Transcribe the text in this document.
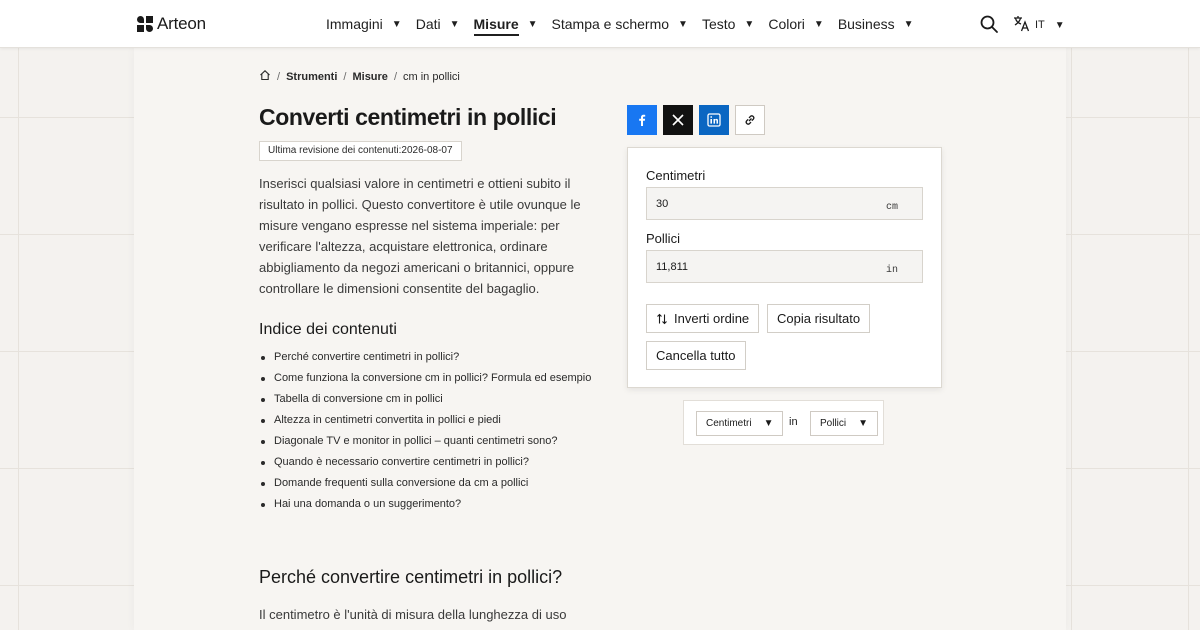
Arteon	Immagini ▼ Dati ▼ Misure ▼ Stampa e schermo ▼ Testo ▼ Colori ▼ Business ▼	IT ▼
/ Strumenti / Misure / cm in pollici
Converti centimetri in pollici
Ultima revisione dei contenuti:2026-08-07

Inserisci qualsiasi valore in centimetri e ottieni subito il risultato in pollici. Questo convertitore è utile ovunque le misure vengano espresse nel sistema imperiale: per verificare l'altezza, acquistare elettronica, ordinare abbigliamento da negozi americani o britannici, oppure controllare le dimensioni consentite del bagaglio.

Indice dei contenuti
Perché convertire centimetri in pollici?
Come funziona la conversione cm in pollici? Formula ed esempio
Tabella di conversione cm in pollici
Altezza in centimetri convertita in pollici e piedi
Diagonale TV e monitor in pollici – quanti centimetri sono?
Quando è necessario convertire centimetri in pollici?
Domande frequenti sulla conversione da cm a pollici
Hai una domanda o un suggerimento?
Perché convertire centimetri in pollici?

Il centimetro è l'unità di misura della lunghezza di uso

Centimetri
30
cm
Pollici
11,811
in
Inverti ordine	Copia risultato
Cancella tutto
Centimetri ▼ in Pollici ▼
